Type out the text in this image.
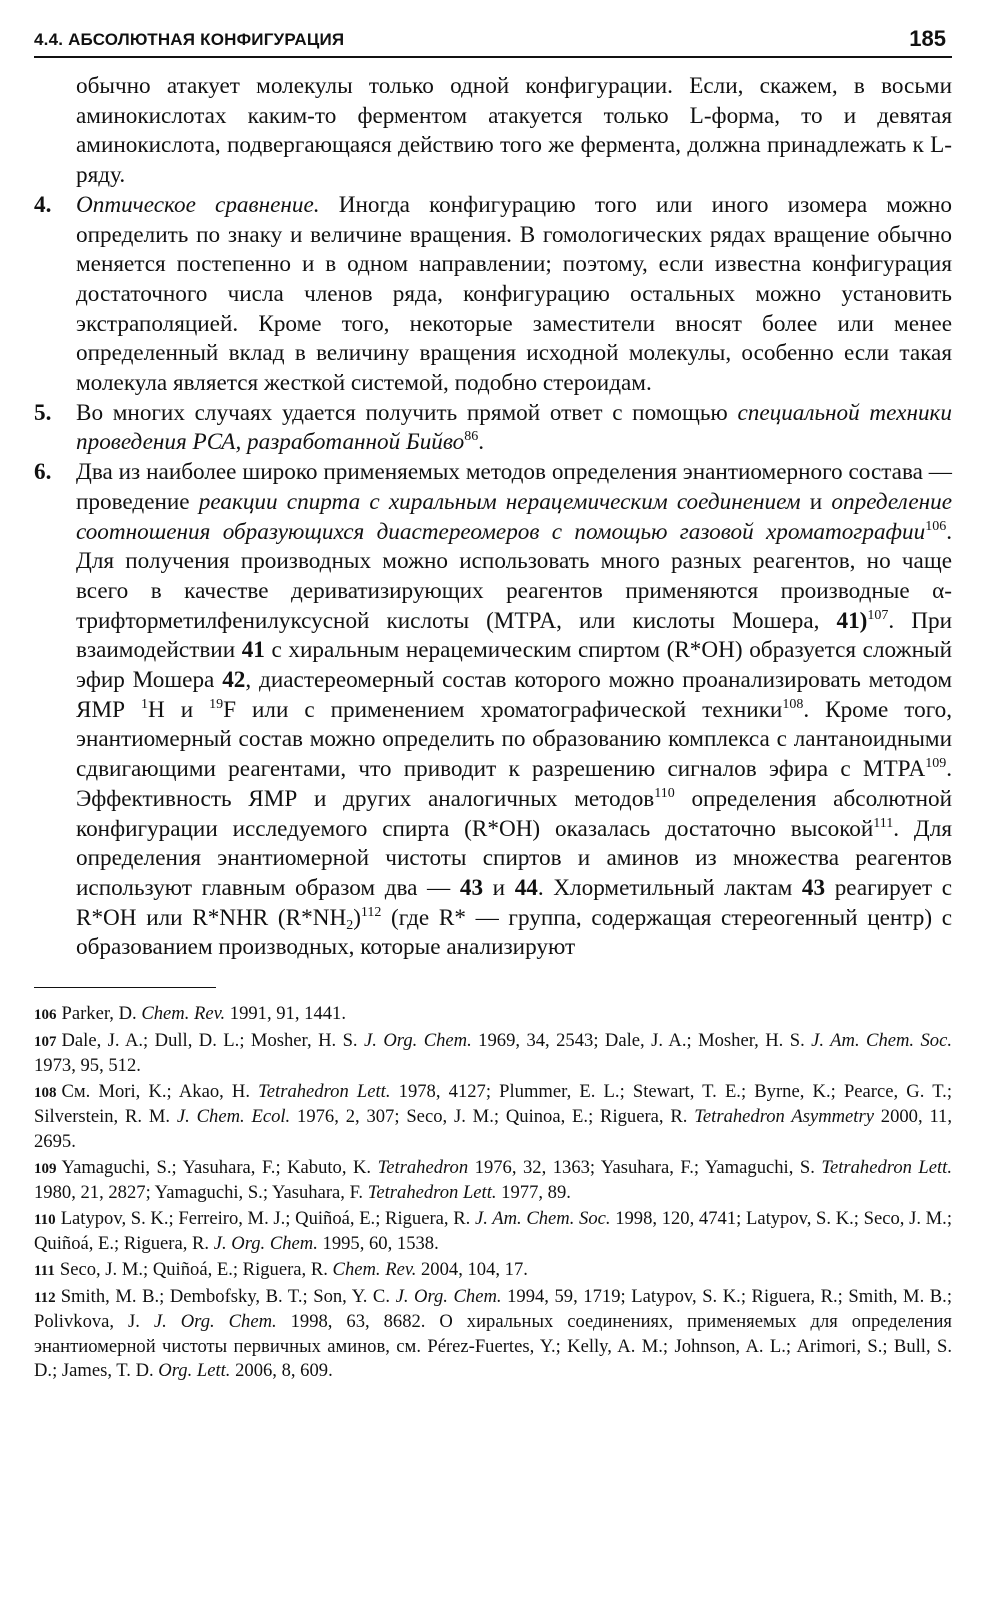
4.4. АБСОЛЮТНАЯ КОНФИГУРАЦИЯ	185

обычно атакует молекулы только одной конфигурации. Если, скажем, в восьми аминокислотах каким-то ферментом атакуется только L-форма, то и девятая аминокислота, подвергающаяся действию того же фермента, должна принадлежать к L-ряду.

4. Оптическое сравнение. Иногда конфигурацию того или иного изомера можно определить по знаку и величине вращения. В гомологических рядах вращение обычно меняется постепенно и в одном направлении; поэтому, если известна конфигурация достаточного числа членов ряда, конфигурацию остальных можно установить экстраполяцией. Кроме того, некоторые заместители вносят более или менее определенный вклад в величину вращения исходной молекулы, особенно если такая молекула является жесткой системой, подобно стероидам.

5. Во многих случаях удается получить прямой ответ с помощью специальной техники проведения РСА, разработанной Бийво$^{86}$.

6. Два из наиболее широко применяемых методов определения энантиомерного состава — проведение реакции спирта с хиральным нерацемическим соединением и определение соотношения образующихся диастереомеров с помощью газовой хроматографии$^{106}$. Для получения производных можно использовать много разных реагентов, но чаще всего в качестве дериватизирующих реагентов применяются производные α-трифторметилфенилуксусной кислоты (MTPA, или кислоты Мошера, 41)$^{107}$. При взаимодействии 41 с хиральным нерацемическим спиртом (R*OH) образуется сложный эфир Мошера 42, диастереомерный состав которого можно проанализировать методом ЯМР $^1$H и $^{19}$F или с применением хроматографической техники$^{108}$. Кроме того, энантиомерный состав можно определить по образованию комплекса с лантаноидными сдвигающими реагентами, что приводит к разрешению сигналов эфира с MTPA$^{109}$. Эффективность ЯМР и других аналогичных методов$^{110}$ определения абсолютной конфигурации исследуемого спирта (R*OH) оказалась достаточно высокой$^{111}$. Для определения энантиомерной чистоты спиртов и аминов из множества реагентов используют главным образом два — 43 и 44. Хлорметильный лактам 43 реагирует с R*OH или R*NHR $(R*NH_2)^{112}$ (где R* — группа, содержащая стереогенный центр) с образованием производных, которые анализируют

106 Parker, D. Chem. Rev. 1991, 91, 1441.

107 Dale, J. A.; Dull, D. L.; Mosher, H. S. J. Org. Chem. 1969, 34, 2543; Dale, J. A.; Mosher, H. S. J. Am. Chem. Soc. 1973, 95, 512.

108 См. Mori, K.; Akao, H. Tetrahedron Lett. 1978, 4127; Plummer, E. L.; Stewart, T. E.; Byrne, K.; Pearce, G. T.; Silverstein, R. M. J. Chem. Ecol. 1976, 2, 307; Seco, J. M.; Quinoa, E.; Riguera, R. Tetrahedron Asymmetry 2000, 11, 2695.

109 Yamaguchi, S.; Yasuhara, F.; Kabuto, K. Tetrahedron 1976, 32, 1363; Yasuhara, F.; Yamaguchi, S. Tetrahedron Lett. 1980, 21, 2827; Yamaguchi, S.; Yasuhara, F. Tetrahedron Lett. 1977, 89.

110 Latypov, S. K.; Ferreiro, M. J.; Quiñoá, E.; Riguera, R. J. Am. Chem. Soc. 1998, 120, 4741; Latypov, S. K.; Seco, J. M.; Quiñoá, E.; Riguera, R. J. Org. Chem. 1995, 60, 1538.

111 Seco, J. M.; Quiñoá, E.; Riguera, R. Chem. Rev. 2004, 104, 17.

112 Smith, M. B.; Dembofsky, B. T.; Son, Y. C. J. Org. Chem. 1994, 59, 1719; Latypov, S. K.; Riguera, R.; Smith, M. B.; Polivkova, J. J. Org. Chem. 1998, 63, 8682. О хиральных соединениях, применяемых для определения энантиомерной чистоты первичных аминов, см. Pérez-Fuertes, Y.; Kelly, A. M.; Johnson, A. L.; Arimori, S.; Bull, S. D.; James, T. D. Org. Lett. 2006, 8, 609.
